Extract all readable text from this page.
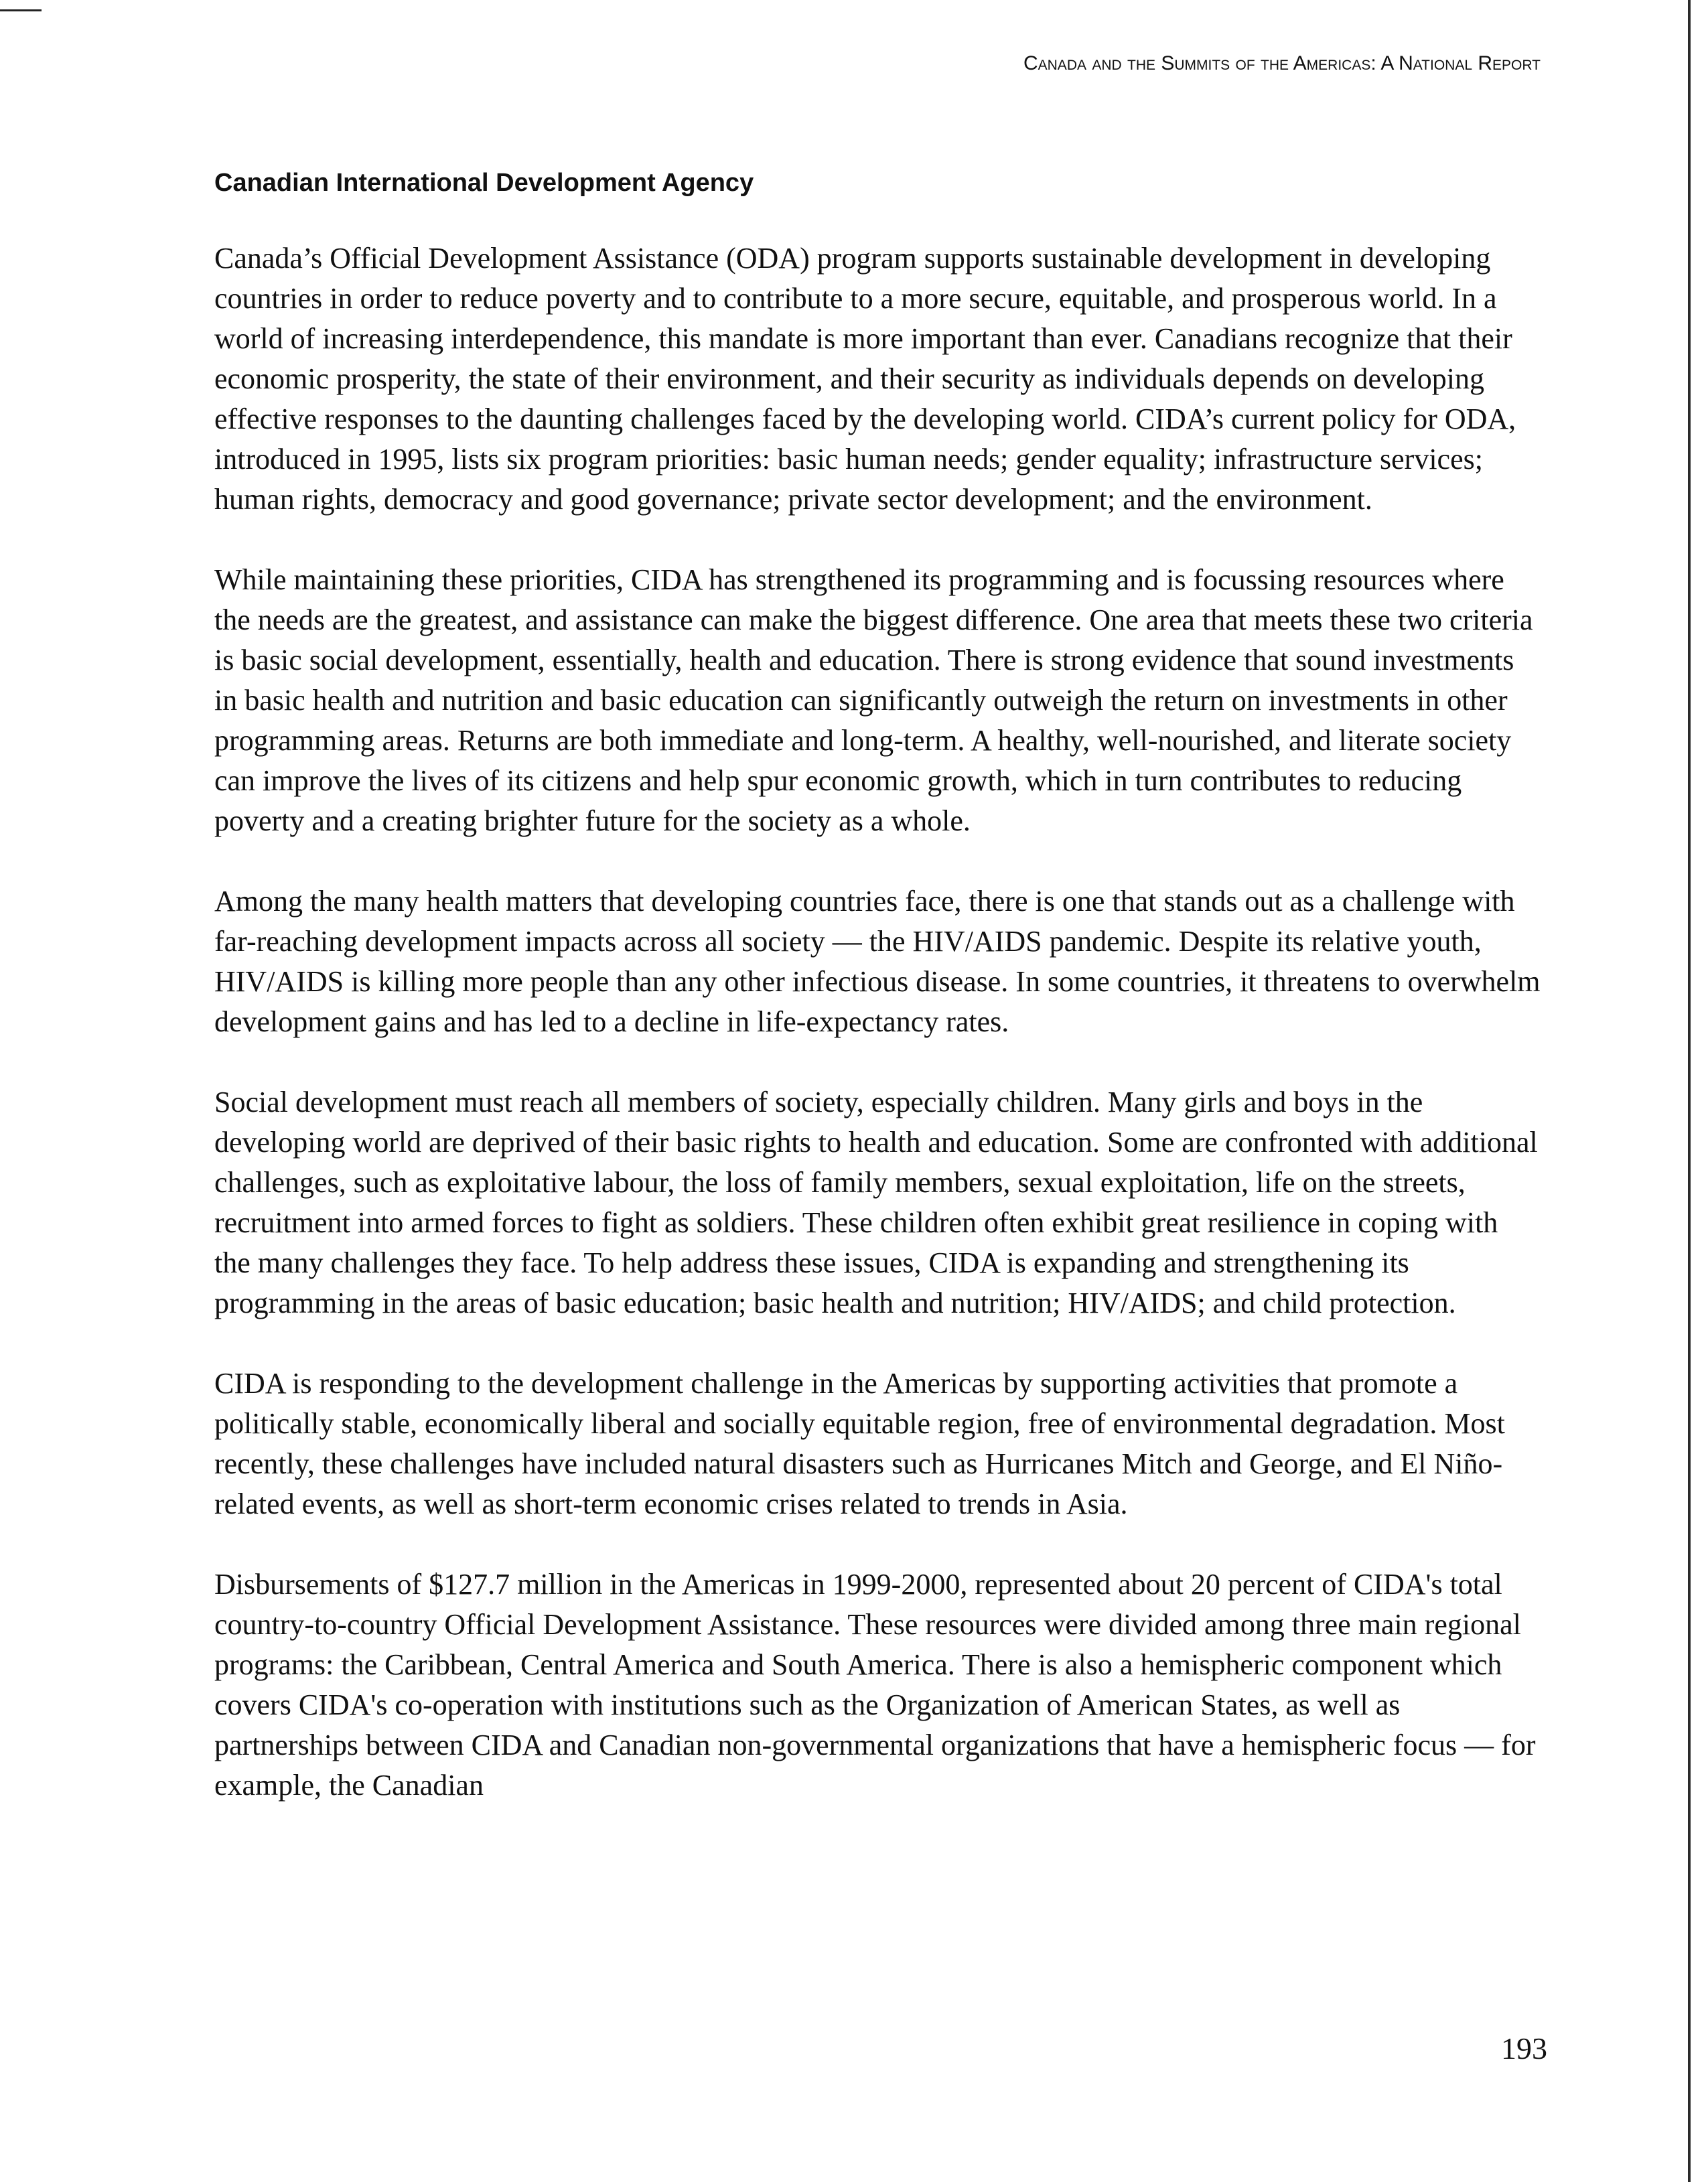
Canada and the Summits of the Americas: A National Report
Canadian International Development Agency

Canada’s Official Development Assistance (ODA) program supports sustainable development in developing countries in order to reduce poverty and to contribute to a more secure, equitable, and prosperous world. In a world of increasing interdependence, this mandate is more important than ever. Canadians recognize that their economic prosperity, the state of their environment, and their security as individuals depends on developing effective responses to the daunting challenges faced by the developing world. CIDA’s current policy for ODA, introduced in 1995, lists six program priorities: basic human needs; gender equality; infrastructure services; human rights, democracy and good governance; private sector development; and the environment.

While maintaining these priorities, CIDA has strengthened its programming and is focussing resources where the needs are the greatest, and assistance can make the biggest difference. One area that meets these two criteria is basic social development, essentially, health and education. There is strong evidence that sound investments in basic health and nutrition and basic education can significantly outweigh the return on investments in other programming areas. Returns are both immediate and long-term. A healthy, well-nourished, and literate society can improve the lives of its citizens and help spur economic growth, which in turn contributes to reducing poverty and a creating brighter future for the society as a whole.

Among the many health matters that developing countries face, there is one that stands out as a challenge with far-reaching development impacts across all society — the HIV/AIDS pandemic. Despite its relative youth, HIV/AIDS is killing more people than any other infectious disease. In some countries, it threatens to overwhelm development gains and has led to a decline in life-expectancy rates.

Social development must reach all members of society, especially children. Many girls and boys in the developing world are deprived of their basic rights to health and education. Some are confronted with additional challenges, such as exploitative labour, the loss of family members, sexual exploitation, life on the streets, recruitment into armed forces to fight as soldiers. These children often exhibit great resilience in coping with the many challenges they face. To help address these issues, CIDA is expanding and strengthening its programming in the areas of basic education; basic health and nutrition; HIV/AIDS; and child protection.

CIDA is responding to the development challenge in the Americas by supporting activities that promote a politically stable, economically liberal and socially equitable region, free of environmental degradation. Most recently, these challenges have included natural disasters such as Hurricanes Mitch and George, and El Niño-related events, as well as short-term economic crises related to trends in Asia.

Disbursements of $127.7 million in the Americas in 1999-2000, represented about 20 percent of CIDA's total country-to-country Official Development Assistance. These resources were divided among three main regional programs: the Caribbean, Central America and South America. There is also a hemispheric component which covers CIDA's co-operation with institutions such as the Organization of American States, as well as partnerships between CIDA and Canadian non-governmental organizations that have a hemispheric focus — for example, the Canadian

193
